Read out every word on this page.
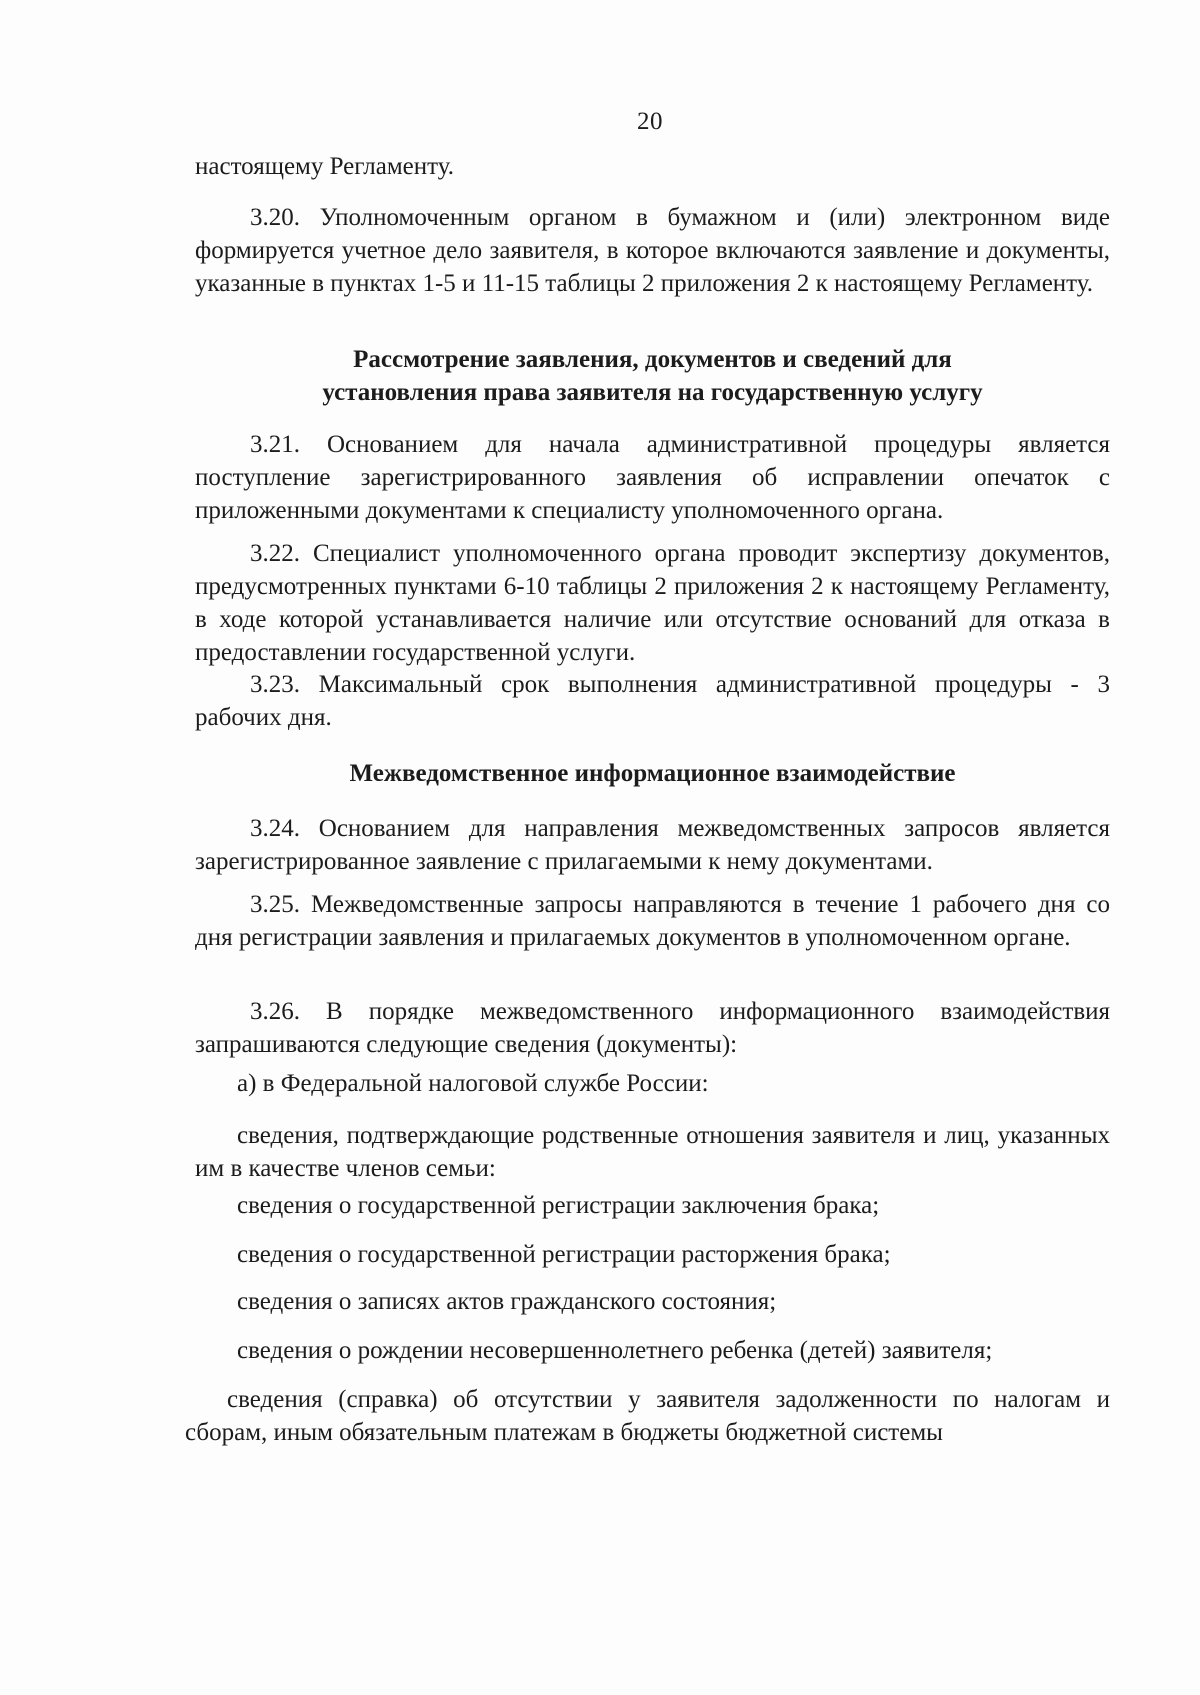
20
настоящему Регламенту.
3.20. Уполномоченным органом в бумажном и (или) электронном виде формируется учетное дело заявителя, в которое включаются заявление и документы, указанные в пунктах 1-5 и 11-15 таблицы 2 приложения 2 к настоящему Регламенту.
Рассмотрение заявления, документов и сведений для
установления права заявителя на государственную услугу
3.21. Основанием для начала административной процедуры является поступление зарегистрированного заявления об исправлении опечаток с приложенными документами к специалисту уполномоченного органа.
3.22. Специалист уполномоченного органа проводит экспертизу документов, предусмотренных пунктами 6-10 таблицы 2 приложения 2 к настоящему Регламенту, в ходе которой устанавливается наличие или отсутствие оснований для отказа в предоставлении государственной услуги.
3.23. Максимальный срок выполнения административной процедуры - 3 рабочих дня.
Межведомственное информационное взаимодействие
3.24. Основанием для направления межведомственных запросов является зарегистрированное заявление с прилагаемыми к нему документами.
3.25. Межведомственные запросы направляются в течение 1 рабочего дня со дня регистрации заявления и прилагаемых документов в уполномоченном органе.
3.26. В порядке межведомственного информационного взаимодействия запрашиваются следующие сведения (документы):
а) в Федеральной налоговой службе России:
сведения, подтверждающие родственные отношения заявителя и лиц, указанных им в качестве членов семьи:
сведения о государственной регистрации заключения брака;
сведения о государственной регистрации расторжения брака;
сведения о записях актов гражданского состояния;
сведения о рождении несовершеннолетнего ребенка (детей) заявителя;
сведения (справка) об отсутствии у заявителя задолженности по налогам и сборам, иным обязательным платежам в бюджеты бюджетной системы
